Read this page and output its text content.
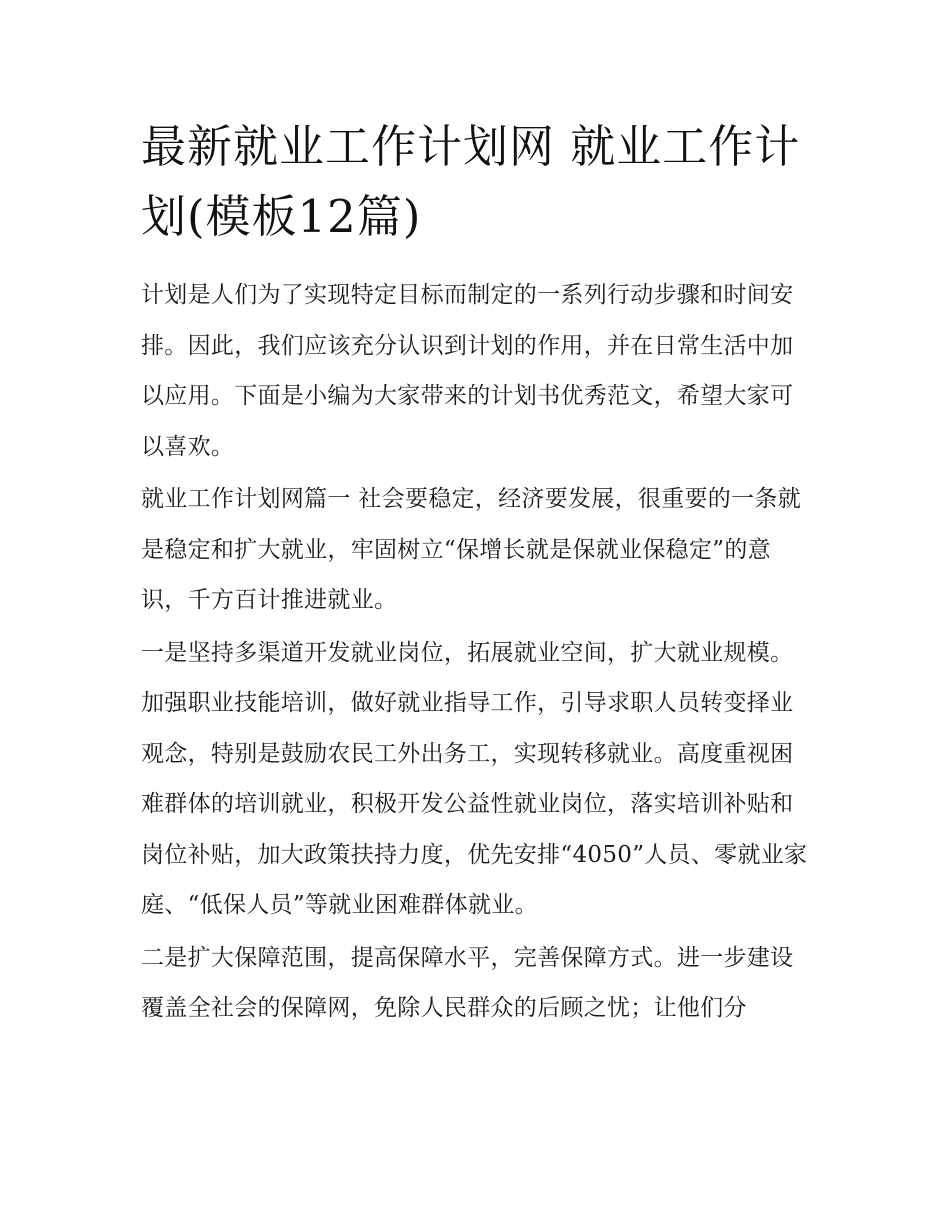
最新就业工作计划网 就业工作计划(模板12篇)

计划是人们为了实现特定目标而制定的一系列行动步骤和时间安排。因此，我们应该充分认识到计划的作用，并在日常生活中加以应用。下面是小编为大家带来的计划书优秀范文，希望大家可以喜欢。

就业工作计划网篇一 社会要稳定，经济要发展，很重要的一条就是稳定和扩大就业，牢固树立“保增长就是保就业保稳定”的意识，千方百计推进就业。

一是坚持多渠道开发就业岗位，拓展就业空间，扩大就业规模。加强职业技能培训，做好就业指导工作，引导求职人员转变择业观念，特别是鼓励农民工外出务工，实现转移就业。高度重视困难群体的培训就业，积极开发公益性就业岗位，落实培训补贴和岗位补贴，加大政策扶持力度，优先安排“4050”人员、零就业家庭、“低保人员”等就业困难群体就业。

二是扩大保障范围，提高保障水平，完善保障方式。进一步建设覆盖全社会的保障网，免除人民群众的后顾之忧；让他们分
